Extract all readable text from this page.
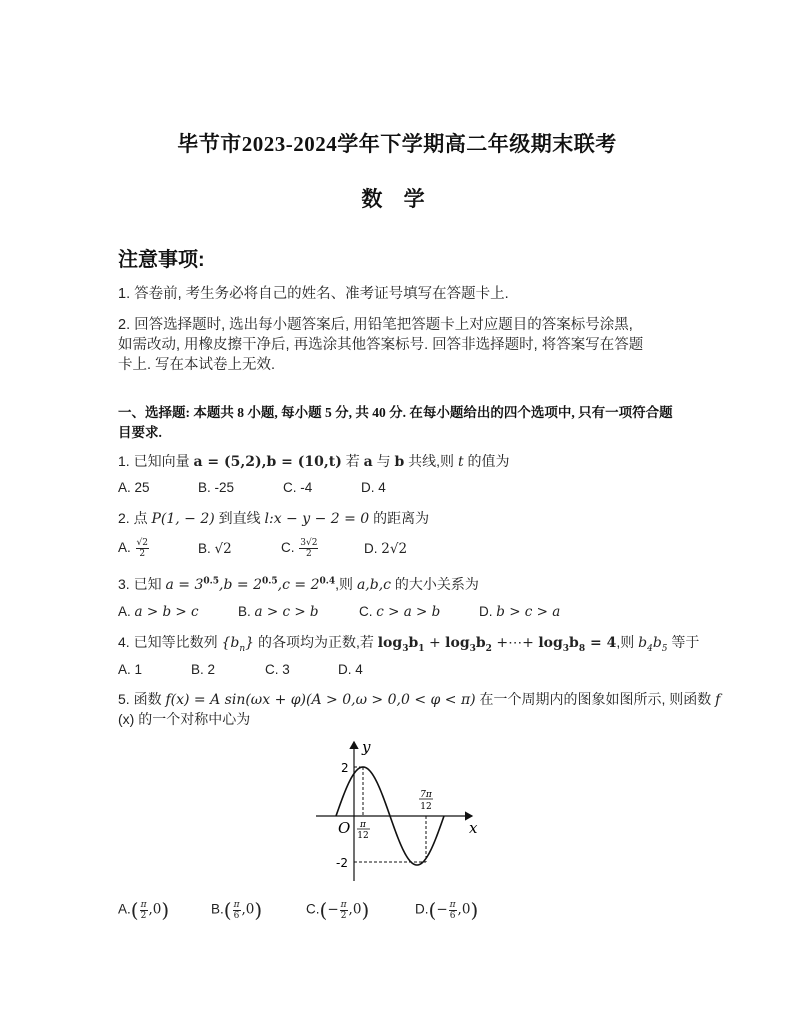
毕节市2023-2024学年下学期高二年级期末联考
数 学
注意事项:
1. 答卷前, 考生务必将自己的姓名、准考证号填写在答题卡上.
2. 回答选择题时, 选出每小题答案后, 用铅笔把答题卡上对应题目的答案标号涂黑,
如需改动, 用橡皮擦干净后, 再选涂其他答案标号. 回答非选择题时, 将答案写在答题
卡上. 写在本试卷上无效.
一、选择题: 本题共 8 小题, 每小题 5 分, 共 40 分. 在每小题给出的四个选项中, 只有一项符合题目要求.
1. 已知向量 a = (5,2),b = (10,t) 若 a 与 b 共线,则 t 的值为
A. 25	B. -25	C. -4	D. 4
2. 点 P(1, − 2) 到直线 l:x − y − 2 = 0 的距离为
A. $\frac{√2}{2}$	B. √2	C. $\frac{3√2}{2}$	D. 2√2
3. 已知 $a = 3^{0.5},b = 2^{0.5},c = 2^{0.4}$,则 a,b,c 的大小关系为
A. a > b > c	B. a > c > b	C. c > a > b	D. b > c > a
4. 已知等比数列 $\{b_n\}$ 的各项均为正数,若 $\log_3b_1 + \log_3b_2$ +⋯+ $\log_3b_8 = 4$,则 $b_4b_5$ 等于
A. 1	B. 2	C. 3	D. 4
5. 函数 f(x) = A sin(ωx + φ)(A > 0,ω > 0,0 < φ < π) 在一个周期内的图象如图所示, 则函数 f
(x) 的一个对称中心为
y
x
O
2
-2
π
12
7π
12
$A.( \frac{\pi}{2} ,0)$	$B.( \frac{\pi}{6} ,0)$	$C.(- \frac{\pi}{2} ,0)$	$D.(- \frac{\pi}{6} ,0)$
